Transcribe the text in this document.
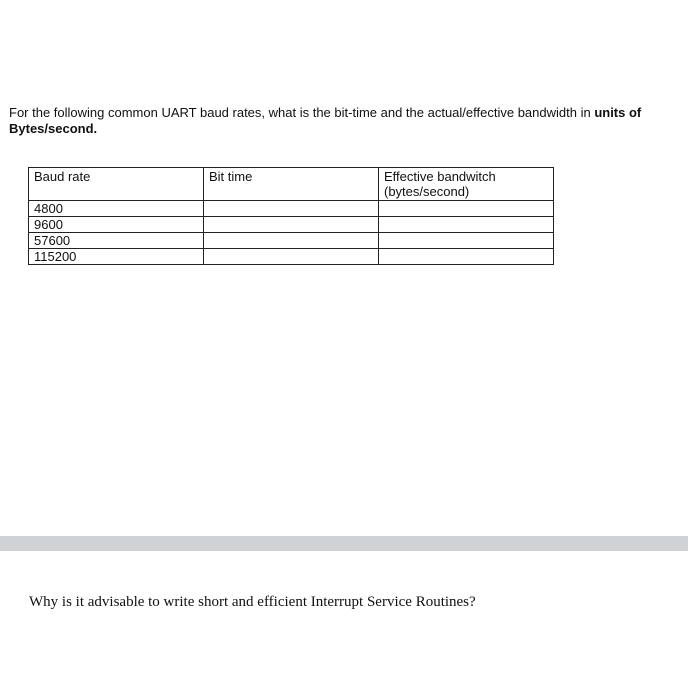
For the following common UART baud rates, what is the bit-time and the actual/effective bandwidth in units of Bytes/second.
Baud rate	Bit time	Effective bandwitch
(bytes/second)
4800		
9600		
57600		
115200		
Why is it advisable to write short and efficient Interrupt Service Routines?
